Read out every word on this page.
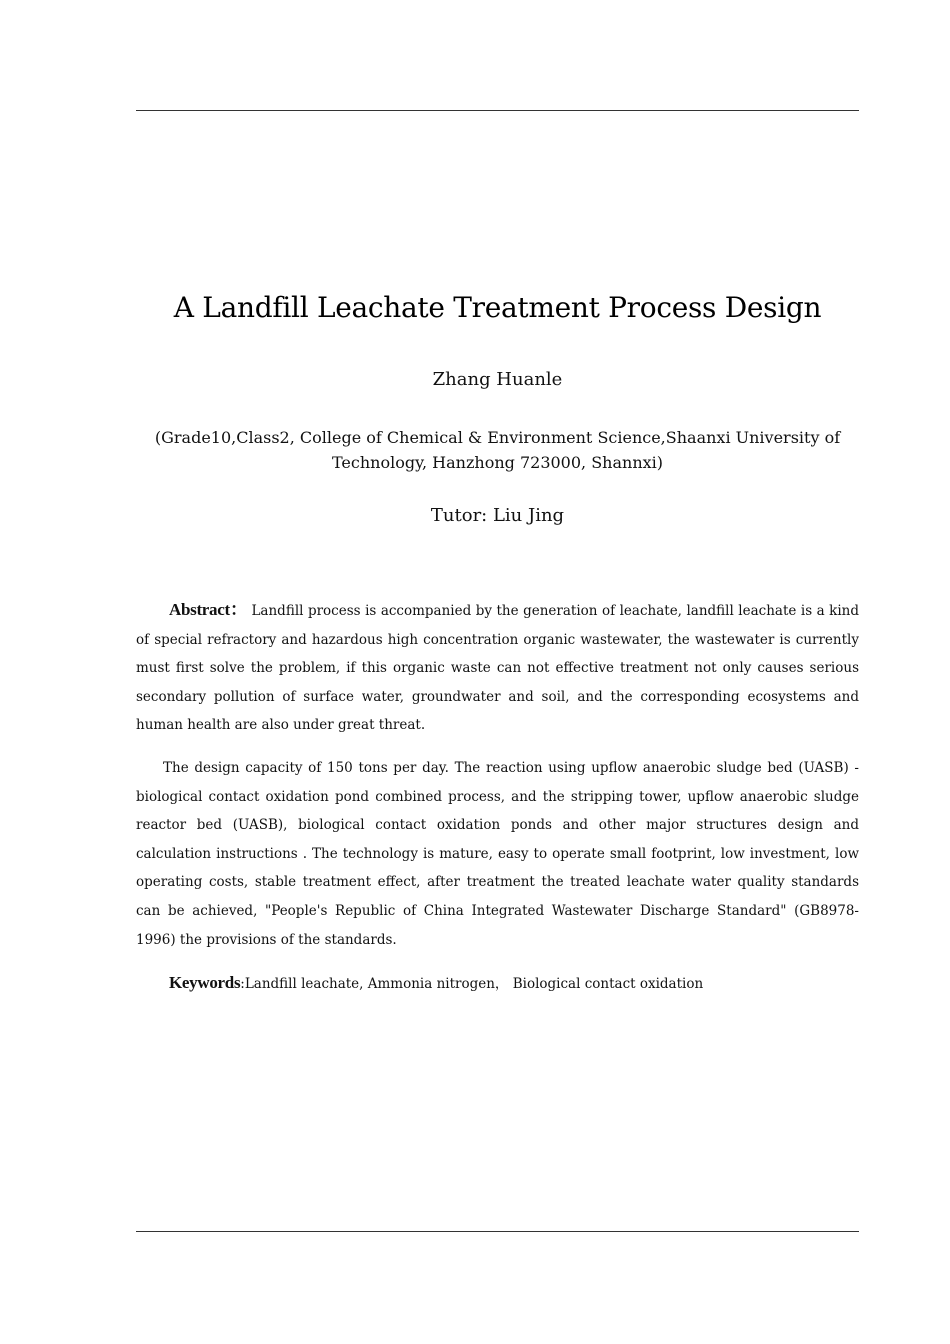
A Landfill Leachate Treatment Process Design
Zhang Huanle
(Grade10,Class2, College of Chemical & Environment Science,Shaanxi University of Technology, Hanzhong 723000, Shannxi)
Tutor: Liu Jing

Abstract： Landfill process is accompanied by the generation of leachate, landfill leachate is a kind of special refractory and hazardous high concentration organic wastewater, the wastewater is currently must first solve the problem, if this organic waste can not effective treatment not only causes serious secondary pollution of surface water, groundwater and soil, and the corresponding ecosystems and human health are also under great threat.

The design capacity of 150 tons per day. The reaction using upflow anaerobic sludge bed (UASB) - biological contact oxidation pond combined process, and the stripping tower, upflow anaerobic sludge reactor bed (UASB), biological contact oxidation ponds and other major structures design and calculation instructions . The technology is mature, easy to operate small footprint, low investment, low operating costs, stable treatment effect, after treatment the treated leachate water quality standards can be achieved, "People's Republic of China Integrated Wastewater Discharge Standard" (GB8978-1996) the provisions of the standards.

Keywords:Landfill leachate, Ammonia nitrogen， Biological contact oxidation
